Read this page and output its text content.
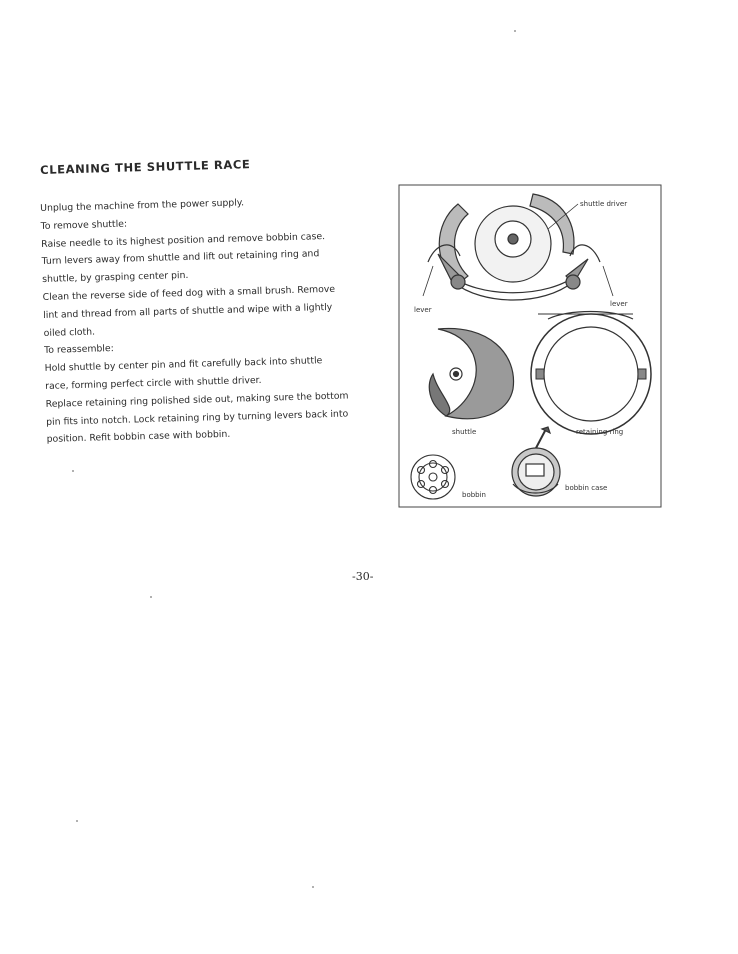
CLEANING THE SHUTTLE RACE
Unplug the machine from the power supply.
To remove shuttle:
Raise needle to its highest position and remove bobbin case.
Turn levers away from shuttle and lift out retaining ring and
shuttle, by grasping center pin.
Clean the reverse side of feed dog with a small brush. Remove
lint and thread from all parts of shuttle and wipe with a lightly
oiled cloth.
To reassemble:
Hold shuttle by center pin and fit carefully back into shuttle
race, forming perfect circle with shuttle driver.
Replace retaining ring polished side out, making sure the bottom
pin fits into notch. Lock retaining ring by turning levers back into
position. Refit bobbin case with bobbin.
shuttle driver
lever
lever
shuttle	retaining ring
bobbin
bobbin case
-30-
